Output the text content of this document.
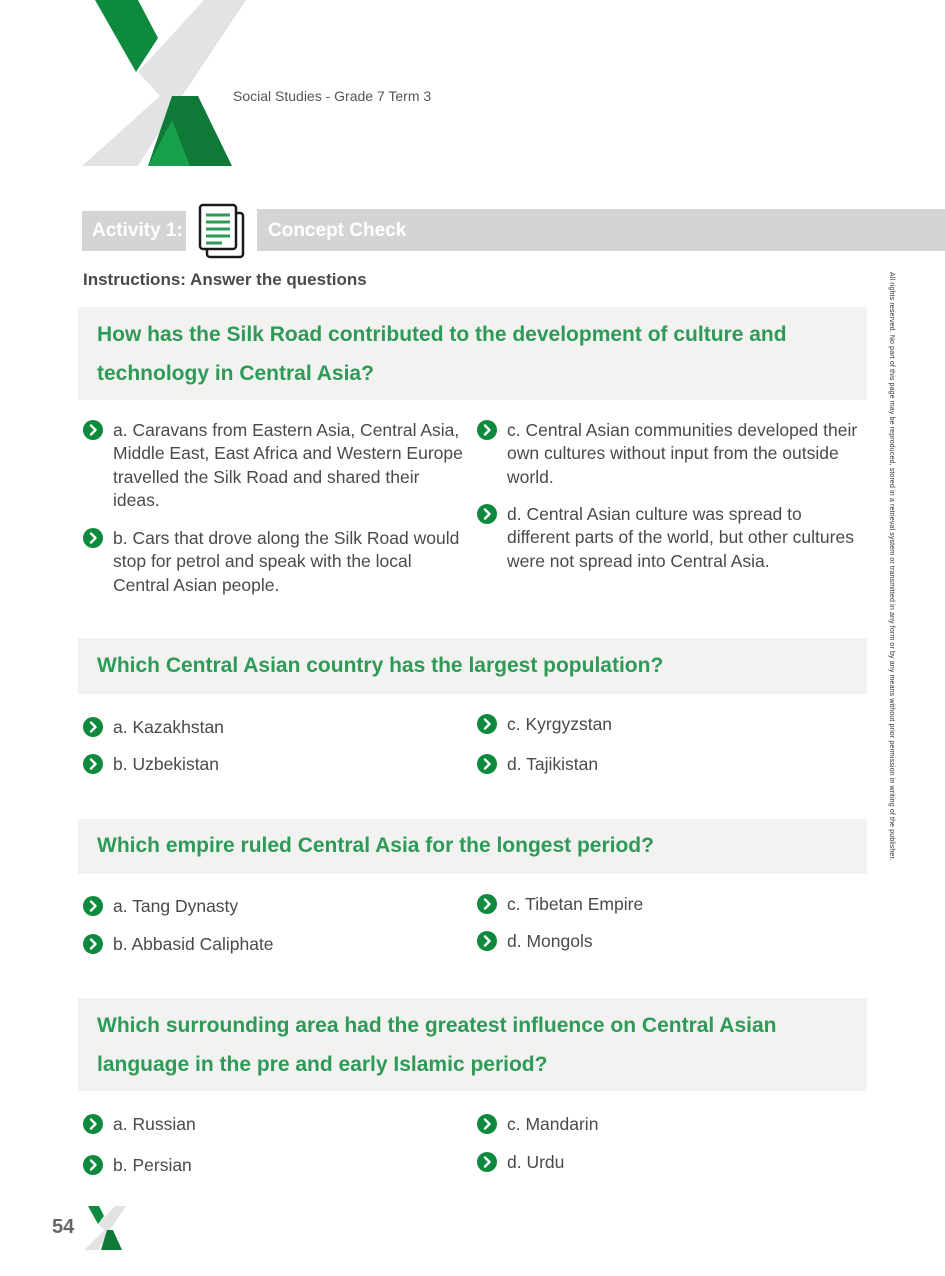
Social Studies - Grade 7 Term 3
Activity 1:	Concept Check
Instructions: Answer the questions	All rights reserved. No part of this page may be reproduced, stored in a retrieval system or transmitted in any form or by any means without prior permission in writing of the publisher.
How has the Silk Road contributed to the development of culture and technology in Central Asia?
a. Caravans from Eastern Asia, Central Asia, Middle East, East Africa and Western Europe travelled the Silk Road and shared their ideas.
b. Cars that drove along the Silk Road would stop for petrol and speak with the local Central Asian people.
c. Central Asian communities developed their own cultures without input from the outside world.
d. Central Asian culture was spread to different parts of the world, but other cultures were not spread into Central Asia.
Which Central Asian country has the largest population?
a. Kazakhstan
b. Uzbekistan
c. Kyrgyzstan
d. Tajikistan
Which empire ruled Central Asia for the longest period?
a. Tang Dynasty
b. Abbasid Caliphate
c. Tibetan Empire
d. Mongols
Which surrounding area had the greatest influence on Central Asian language in the pre and early Islamic period?
a. Russian
b. Persian
c. Mandarin
d. Urdu
54
